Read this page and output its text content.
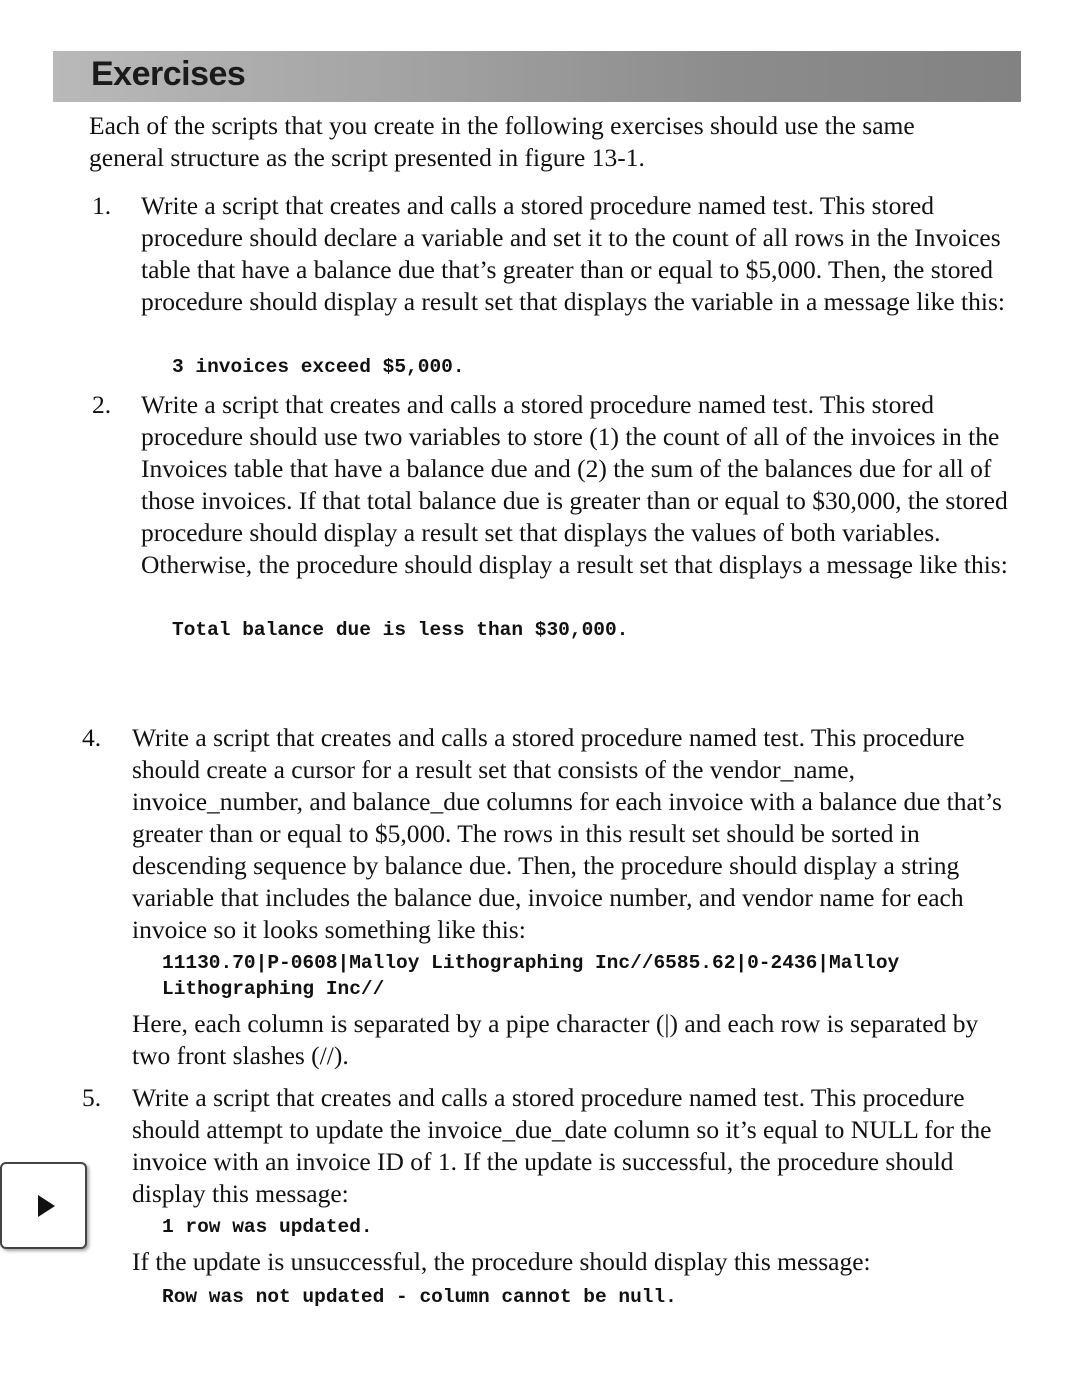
Exercises

Each of the scripts that you create in the following exercises should use the same general structure as the script presented in figure 13-1.

1. Write a script that creates and calls a stored procedure named test. This stored procedure should declare a variable and set it to the count of all rows in the Invoices table that have a balance due that’s greater than or equal to $5,000. Then, the stored procedure should display a result set that displays the variable in a message like this:

3 invoices exceed $5,000.
2. Write a script that creates and calls a stored procedure named test. This stored procedure should use two variables to store (1) the count of all of the invoices in the Invoices table that have a balance due and (2) the sum of the balances due for all of those invoices. If that total balance due is greater than or equal to $30,000, the stored procedure should display a result set that displays the values of both variables. Otherwise, the procedure should display a result set that displays a message like this:

Total balance due is less than $30,000.
4. Write a script that creates and calls a stored procedure named test. This procedure should create a cursor for a result set that consists of the vendor_name, invoice_number, and balance_due columns for each invoice with a balance due that’s greater than or equal to $5,000. The rows in this result set should be sorted in descending sequence by balance due. Then, the procedure should display a string variable that includes the balance due, invoice number, and vendor name for each invoice so it looks something like this:

11130.70|P-0608|Malloy Lithographing Inc//6585.62|0-2436|Malloy
Lithographing Inc//

Here, each column is separated by a pipe character (|) and each row is separated by two front slashes (//).

5. Write a script that creates and calls a stored procedure named test. This procedure should attempt to update the invoice_due_date column so it’s equal to NULL for the invoice with an invoice ID of 1. If the update is successful, the procedure should display this message:

1 row was updated.

If the update is unsuccessful, the procedure should display this message:

Row was not updated - column cannot be null.
